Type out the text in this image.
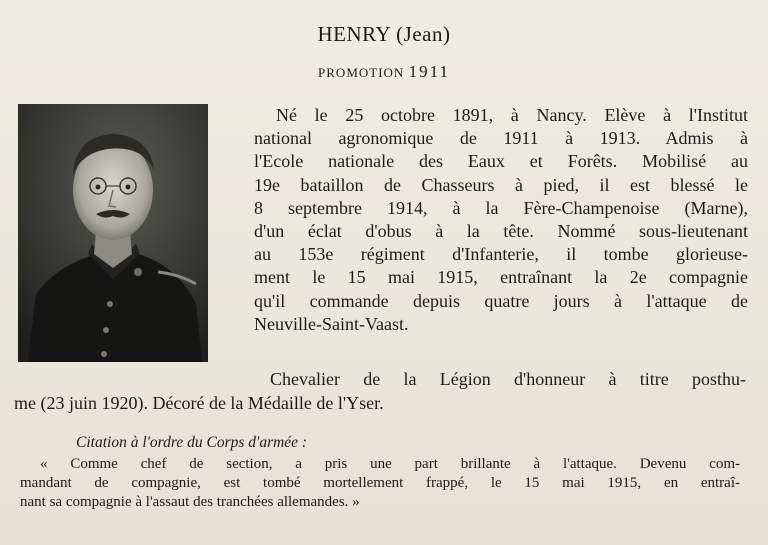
HENRY (Jean)
PROMOTION 1911
Né le 25 octobre 1891, à Nancy. Elève à l'Institut
national agronomique de 1911 à 1913. Admis à
l'Ecole nationale des Eaux et Forêts. Mobilisé au
19e bataillon de Chasseurs à pied, il est blessé le
8 septembre 1914, à la Fère-Champenoise (Marne),
d'un éclat d'obus à la tête. Nommé sous-lieutenant
au 153e régiment d'Infanterie, il tombe glorieuse-
ment le 15 mai 1915, entraînant la 2e compagnie
qu'il commande depuis quatre jours à l'attaque de
Neuville-Saint-Vaast.
Chevalier de la Légion d'honneur à titre posthu-
me (23 juin 1920). Décoré de la Médaille de l'Yser.
Citation à l'ordre du Corps d'armée :
« Comme chef de section, a pris une part brillante à l'attaque. Devenu com-
mandant de compagnie, est tombé mortellement frappé, le 15 mai 1915, en entraî-
nant sa compagnie à l'assaut des tranchées allemandes. »
